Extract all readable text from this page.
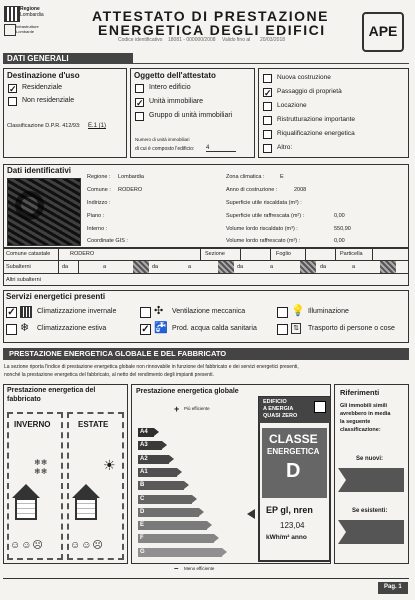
Regione
Lombardia
Infrastrutture
Lombarde
ATTESTATO DI PRESTAZIONE
ENERGETICA DEGLI EDIFICI
Codice identificativo 18081 - 000000/2008 Valido fino al 20/03/2018
APE
DATI GENERALI
Destinazione d'uso
✓ Residenziale
Non residenziale
Classificazione D.P.R. 412/93: E.1 (1)
Oggetto dell'attestato
Intero edificio
✓ Unità immobiliare
Gruppo di unità immobiliari
Numero di unità immobiliari
di cui è composto l'edificio: 4
Nuova costruzione
✓ Passaggio di proprietà
Locazione
Ristrutturazione importante
Riqualificazione energetica
Altro:
Dati identificativi
Regione : Lombardia
Comune : RODERO
Indirizzo :
Piano :
Interno :
Coordinate GIS :
Zona climatica :	E
Anno di costruzione :	2008
Superficie utile riscaldata (m²) :
Superficie utile raffrescata (m²) :	0,00
Volume lordo riscaldato (m³) :	550,90
Volume lordo raffrescato (m³) :	0,00
Comune catastale	RODERO	Sezione	Foglio	Particella
Subalterni	da	a	da	a	da	a	da	a
Altri subalterni
Servizi energetici presenti
✓	Climatizzazione invernale
❄ Climatizzazione estiva
✣ Ventilazione meccanica
✓ 🚰 Prod. acqua calda sanitaria
💡 Illuminazione
⇅ Trasporto di persone o cose
PRESTAZIONE ENERGETICA GLOBALE E DEL FABBRICATO
La sezione riporta l'indice di prestazione energetica globale non rinnovabile in funzione del fabbricato e dei servizi energetici presenti,
nonché la prestazione energetica del fabbricato, al netto del rendimento degli impianti presenti.
Prestazione energetica del
fabbricato
INVERNO	ESTATE
❄❄
❄❄	☀
☺☺☹	☺☺☹
Prestazione energetica globale
+ Più efficiente
– Meno efficiente
A4
A3
A2
A1
B
C
D
E
F
G
EDIFICIO
A ENERGIA
QUASI ZERO
CLASSE
ENERGETICA
D
EP gl, nren
123,04
kWh/m² anno
Riferimenti
Gli immobili simili
avrebbero in media
la seguente
classificazione:
Se nuovi:
Se esistenti:
Pag. 1
